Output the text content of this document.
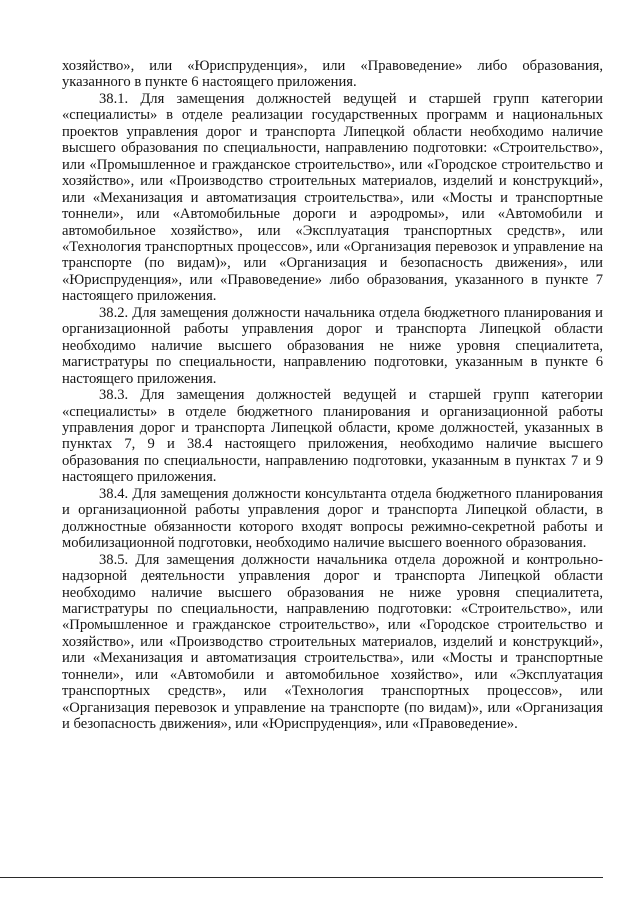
хозяйство», или «Юриспруденция», или «Правоведение» либо образования, указанного в пункте 6 настоящего приложения.

38.1. Для замещения должностей ведущей и старшей групп категории «специалисты» в отделе реализации государственных программ и национальных проектов управления дорог и транспорта Липецкой области необходимо наличие высшего образования по специальности, направлению подготовки: «Строительство», или «Промышленное и гражданское строительство», или «Городское строительство и хозяйство», или «Производство строительных материалов, изделий и конструкций», или «Механизация и автоматизация строительства», или «Мосты и транспортные тоннели», или «Автомобильные дороги и аэродромы», или «Автомобили и автомобильное хозяйство», или «Эксплуатация транспортных средств», или «Технология транспортных процессов», или «Организация перевозок и управление на транспорте (по видам)», или «Организация и безопасность движения», или «Юриспруденция», или «Правоведение» либо образования, указанного в пункте 7 настоящего приложения.

38.2. Для замещения должности начальника отдела бюджетного планирования и организационной работы управления дорог и транспорта Липецкой области необходимо наличие высшего образования не ниже уровня специалитета, магистратуры по специальности, направлению подготовки, указанным в пункте 6 настоящего приложения.

38.3. Для замещения должностей ведущей и старшей групп категории «специалисты» в отделе бюджетного планирования и организационной работы управления дорог и транспорта Липецкой области, кроме должностей, указанных в пунктах 7, 9 и 38.4 настоящего приложения, необходимо наличие высшего образования по специальности, направлению подготовки, указанным в пунктах 7 и 9 настоящего приложения.

38.4. Для замещения должности консультанта отдела бюджетного планирования и организационной работы управления дорог и транспорта Липецкой области, в должностные обязанности которого входят вопросы режимно-секретной работы и мобилизационной подготовки, необходимо наличие высшего военного образования.

38.5. Для замещения должности начальника отдела дорожной и контрольно-надзорной деятельности управления дорог и транспорта Липецкой области необходимо наличие высшего образования не ниже уровня специалитета, магистратуры по специальности, направлению подготовки: «Строительство», или «Промышленное и гражданское строительство», или «Городское строительство и хозяйство», или «Производство строительных материалов, изделий и конструкций», или «Механизация и автоматизация строительства», или «Мосты и транспортные тоннели», или «Автомобили и автомобильное хозяйство», или «Эксплуатация транспортных средств», или «Технология транспортных процессов», или «Организация перевозок и управление на транспорте (по видам)», или «Организация и безопасность движения», или «Юриспруденция», или «Правоведение».
